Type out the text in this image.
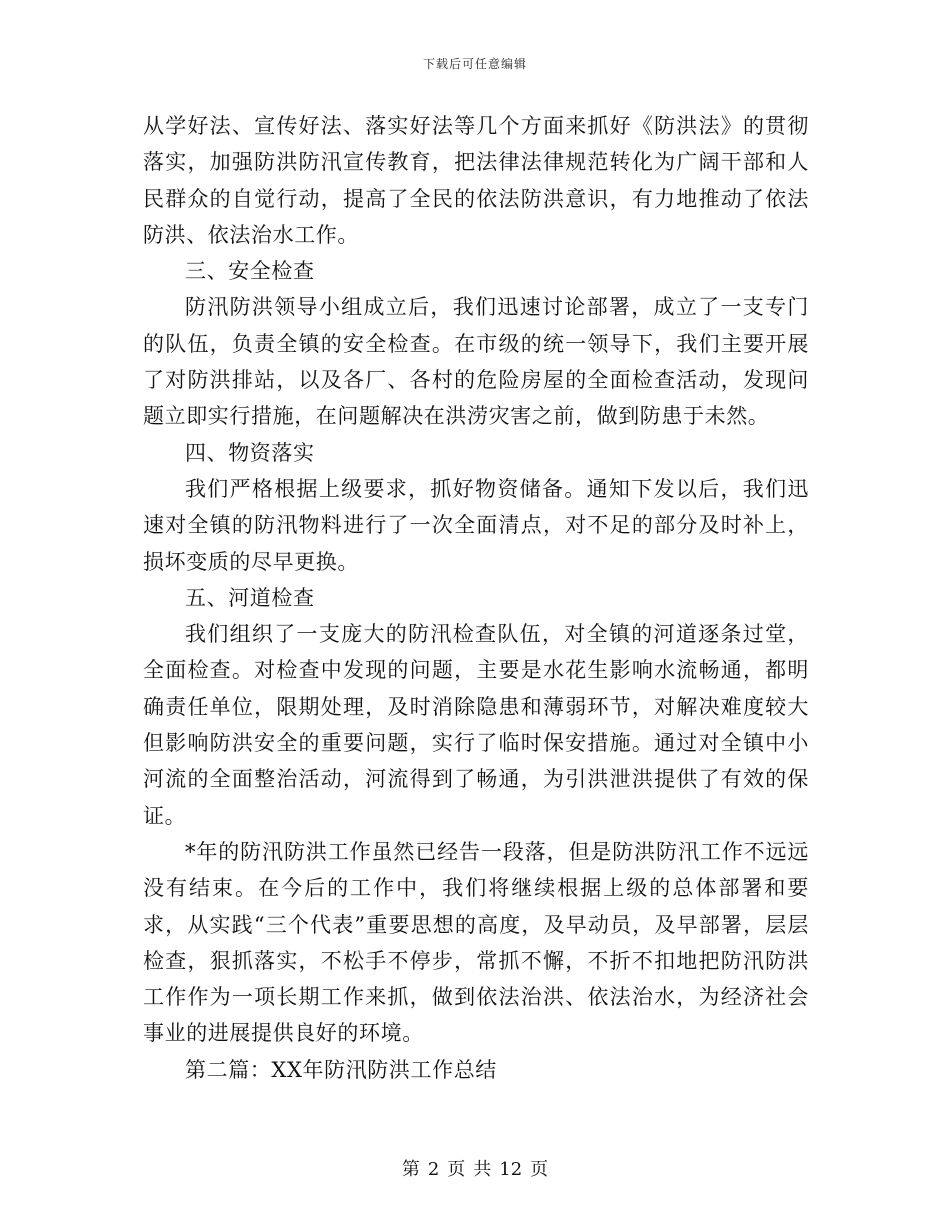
下载后可任意编辑

从学好法、宣传好法、落实好法等几个方面来抓好《防洪法》的贯彻落实，加强防洪防汛宣传教育，把法律法律规范转化为广阔干部和人民群众的自觉行动，提高了全民的依法防洪意识，有力地推动了依法防洪、依法治水工作。

三、安全检查

防汛防洪领导小组成立后，我们迅速讨论部署，成立了一支专门的队伍，负责全镇的安全检查。在市级的统一领导下，我们主要开展了对防洪排站，以及各厂、各村的危险房屋的全面检查活动，发现问题立即实行措施，在问题解决在洪涝灾害之前，做到防患于未然。

四、物资落实

我们严格根据上级要求，抓好物资储备。通知下发以后，我们迅速对全镇的防汛物料进行了一次全面清点，对不足的部分及时补上，损坏变质的尽早更换。

五、河道检查

我们组织了一支庞大的防汛检查队伍，对全镇的河道逐条过堂，全面检查。对检查中发现的问题，主要是水花生影响水流畅通，都明确责任单位，限期处理，及时消除隐患和薄弱环节，对解决难度较大但影响防洪安全的重要问题，实行了临时保安措施。通过对全镇中小河流的全面整治活动，河流得到了畅通，为引洪泄洪提供了有效的保证。

*年的防汛防洪工作虽然已经告一段落，但是防洪防汛工作不远远没有结束。在今后的工作中，我们将继续根据上级的总体部署和要求，从实践“三个代表”重要思想的高度，及早动员，及早部署，层层检查，狠抓落实，不松手不停步，常抓不懈，不折不扣地把防汛防洪工作作为一项长期工作来抓，做到依法治洪、依法治水，为经济社会事业的进展提供良好的环境。

第二篇：XX年防汛防洪工作总结

第 2 页 共 12 页
